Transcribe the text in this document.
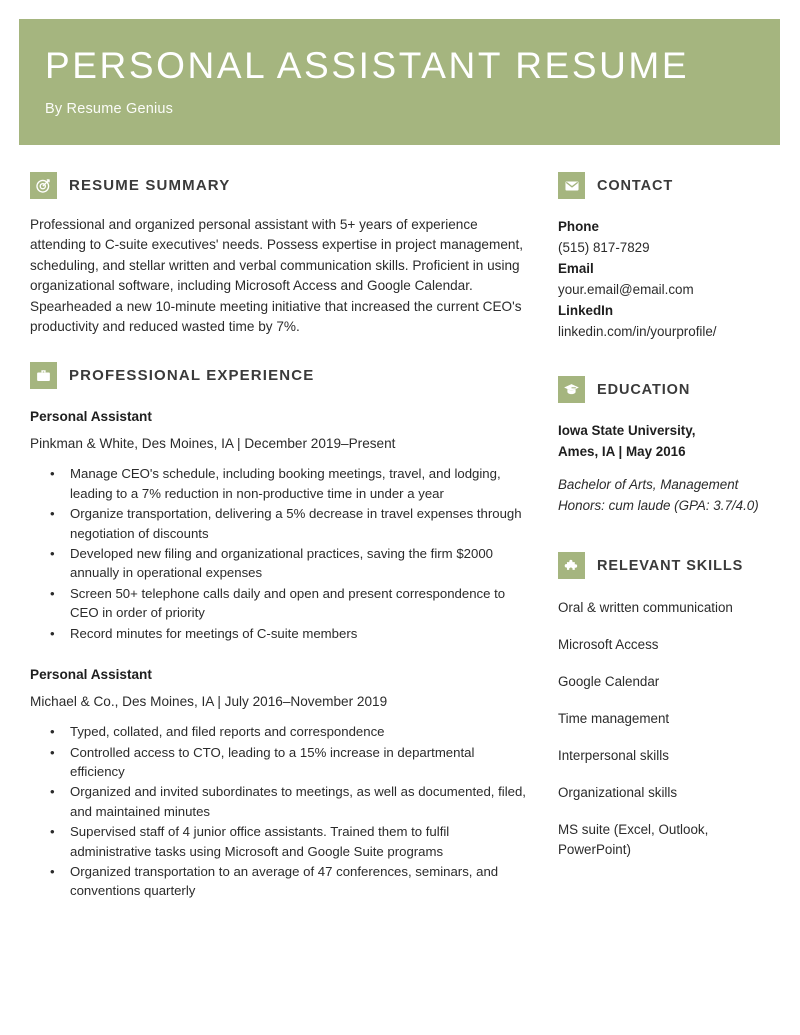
PERSONAL ASSISTANT RESUME
By Resume Genius
RESUME SUMMARY

Professional and organized personal assistant with 5+ years of experience attending to C-suite executives' needs. Possess expertise in project management, scheduling, and stellar written and verbal communication skills. Proficient in using organizational software, including Microsoft Access and Google Calendar. Spearheaded a new 10-minute meeting initiative that increased the current CEO's productivity and reduced wasted time by 7%.

PROFESSIONAL EXPERIENCE
Personal Assistant
Pinkman & White, Des Moines, IA | December 2019–Present
• Manage CEO's schedule, including booking meetings, travel, and lodging, leading to a 7% reduction in non-productive time in under a year
• Organize transportation, delivering a 5% decrease in travel expenses through negotiation of discounts
• Developed new filing and organizational practices, saving the firm $2000 annually in operational expenses
• Screen 50+ telephone calls daily and open and present correspondence to CEO in order of priority
• Record minutes for meetings of C-suite members
Personal Assistant
Michael & Co., Des Moines, IA | July 2016–November 2019
• Typed, collated, and filed reports and correspondence
• Controlled access to CTO, leading to a 15% increase in departmental efficiency
• Organized and invited subordinates to meetings, as well as documented, filed, and maintained minutes
• Supervised staff of 4 junior office assistants. Trained them to fulfil administrative tasks using Microsoft and Google Suite programs
• Organized transportation to an average of 47 conferences, seminars, and conventions quarterly
CONTACT
Phone
(515) 817-7829
Email
your.email@email.com
LinkedIn
linkedin.com/in/yourprofile/
EDUCATION
Iowa State University,
Ames, IA | May 2016
Bachelor of Arts, Management
Honors: cum laude (GPA: 3.7/4.0)
RELEVANT SKILLS
Oral & written communication
Microsoft Access
Google Calendar
Time management
Interpersonal skills
Organizational skills
MS suite (Excel, Outlook, PowerPoint)
